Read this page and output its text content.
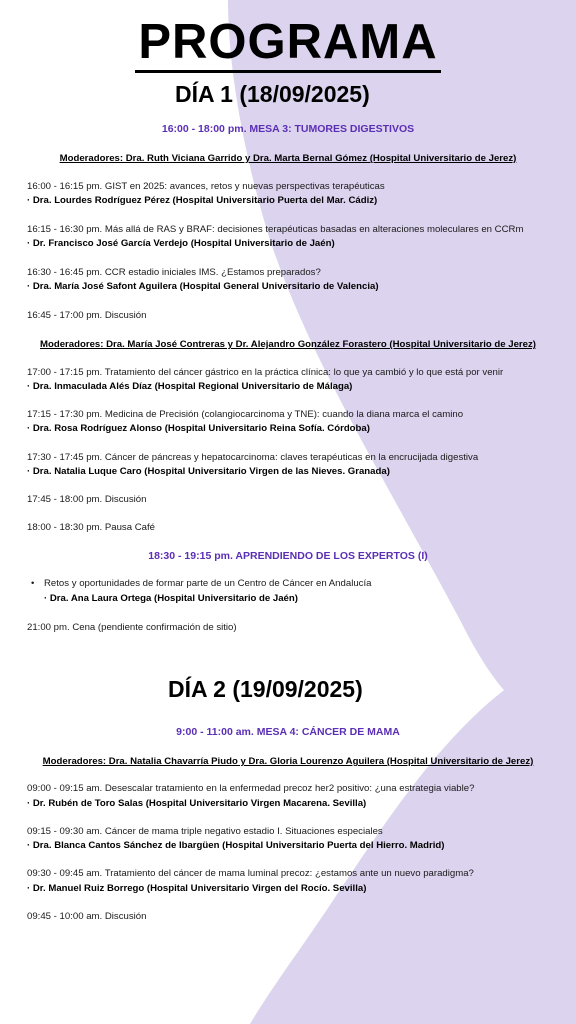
PROGRAMA
DÍA 1 (18/09/2025)
16:00 - 18:00 pm. MESA 3: TUMORES DIGESTIVOS
Moderadores: Dra. Ruth Viciana Garrido y Dra. Marta Bernal Gómez (Hospital Universitario de Jerez)
16:00 - 16:15 pm. GIST en 2025: avances, retos y nuevas perspectivas terapéuticas
· Dra. Lourdes Rodríguez Pérez (Hospital Universitario Puerta del Mar. Cádiz)
16:15 - 16:30 pm. Más allá de RAS y BRAF: decisiones terapéuticas basadas en alteraciones moleculares en CCRm
· Dr. Francisco José García Verdejo (Hospital Universitario de Jaén)
16:30 - 16:45 pm. CCR estadio iniciales IMS. ¿Estamos preparados?
· Dra. María José Safont Aguilera (Hospital General Universitario de Valencia)
16:45 - 17:00 pm. Discusión
Moderadores: Dra. María José Contreras y Dr. Alejandro González Forastero (Hospital Universitario de Jerez)
17:00 - 17:15 pm. Tratamiento del cáncer gástrico en la práctica clínica: lo que ya cambió y lo que está por venir
· Dra. Inmaculada Alés Díaz (Hospital Regional Universitario de Málaga)
17:15 - 17:30 pm. Medicina de Precisión (colangiocarcinoma y TNE): cuando la diana marca el camino
· Dra. Rosa Rodríguez Alonso (Hospital Universitario Reina Sofía. Córdoba)
17:30 - 17:45 pm. Cáncer de páncreas y hepatocarcinoma: claves terapéuticas en la encrucijada digestiva
· Dra. Natalia Luque Caro (Hospital Universitario Virgen de las Nieves. Granada)
17:45 - 18:00 pm. Discusión
18:00 - 18:30 pm. Pausa Café
18:30 - 19:15 pm. APRENDIENDO DE LOS EXPERTOS (I)
• Retos y oportunidades de formar parte de un Centro de Cáncer en Andalucía
· Dra. Ana Laura Ortega (Hospital Universitario de Jaén)
21:00 pm. Cena (pendiente confirmación de sitio)
DÍA 2 (19/09/2025)
9:00 - 11:00 am. MESA 4: CÁNCER DE MAMA
Moderadores: Dra. Natalia Chavarría Piudo y Dra. Gloria Lourenzo Aguilera (Hospital Universitario de Jerez)
09:00 - 09:15 am. Desescalar tratamiento en la enfermedad precoz her2 positivo: ¿una estrategia viable?
· Dr. Rubén de Toro Salas (Hospital Universitario Virgen Macarena. Sevilla)
09:15 - 09:30 am. Cáncer de mama triple negativo estadio I. Situaciones especiales
· Dra. Blanca Cantos Sánchez de Ibargüen (Hospital Universitario Puerta del Hierro. Madrid)
09:30 - 09:45 am. Tratamiento del cáncer de mama luminal precoz: ¿estamos ante un nuevo paradigma?
· Dr. Manuel Ruiz Borrego (Hospital Universitario Virgen del Rocío. Sevilla)
09:45 - 10:00 am. Discusión
